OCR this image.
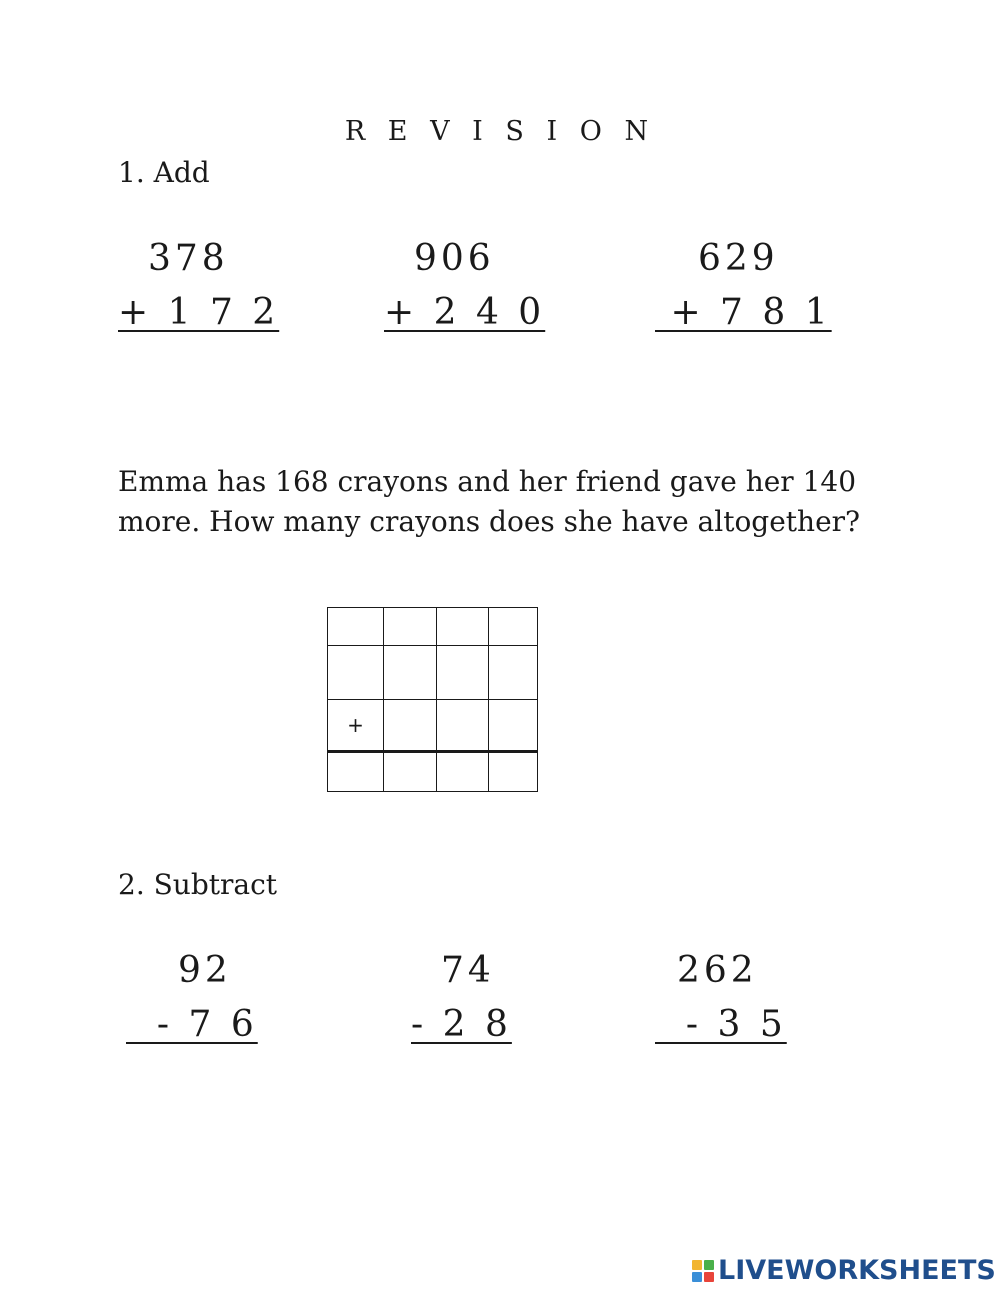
R E V I S I O N
1. Add
378
+ 1 7 2
906
+ 2 4 0
629
+ 7 8 1
Emma has 168 crayons and her friend gave her 140 more. How many crayons does she have altogether?

+			

2. Subtract
92
- 7 6
74
- 2 8
262
- 3 5
LIVEWORKSHEETS
